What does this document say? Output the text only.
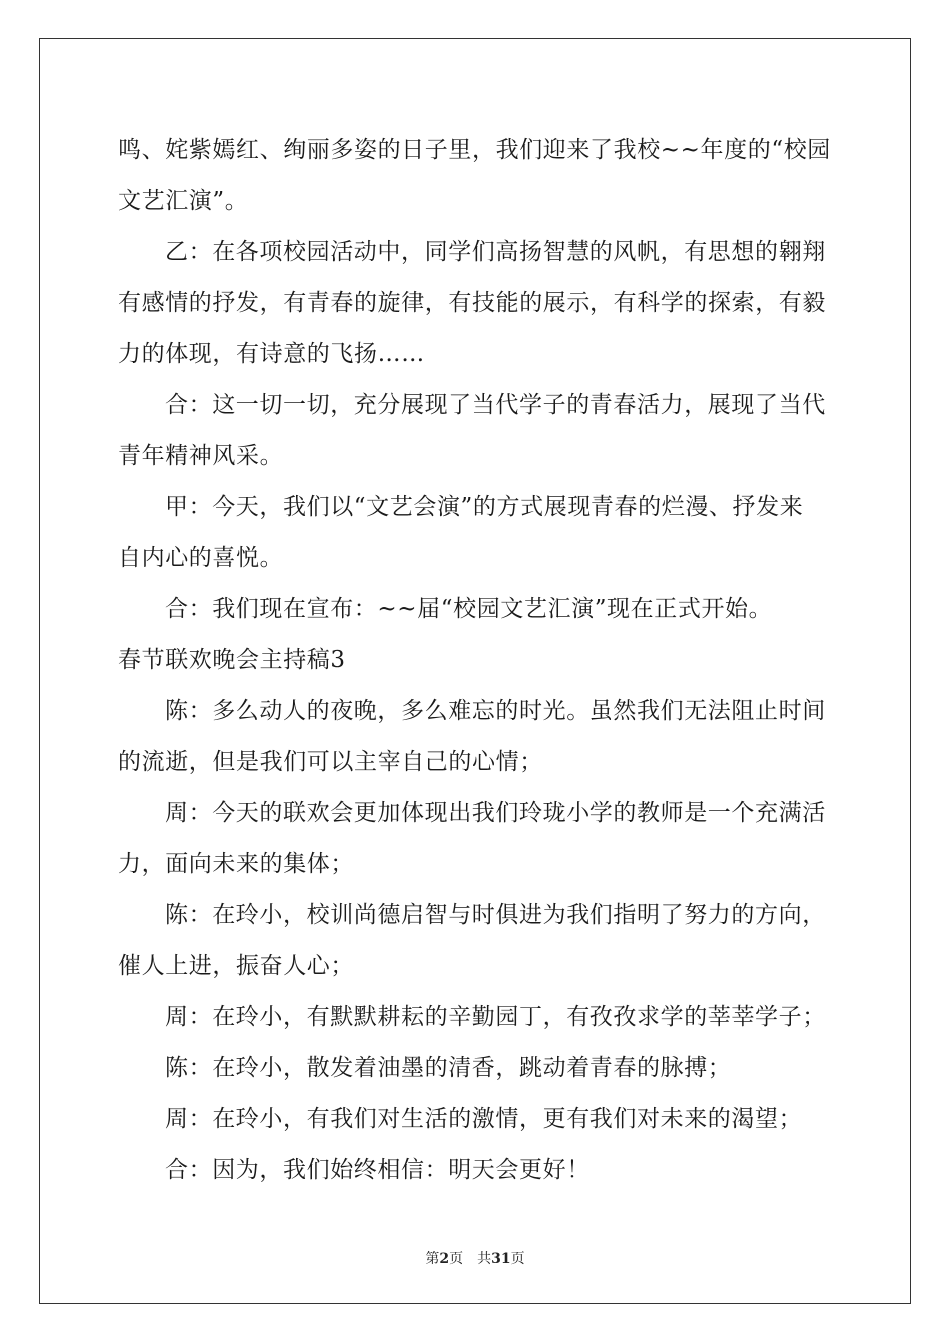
鸣、姹紫嫣红、绚丽多姿的日子里，我们迎来了我校~~年度的“校园
文艺汇演”。
乙：在各项校园活动中，同学们高扬智慧的风帆，有思想的翱翔
有感情的抒发，有青春的旋律，有技能的展示，有科学的探索，有毅
力的体现，有诗意的飞扬……
合：这一切一切，充分展现了当代学子的青春活力，展现了当代
青年精神风采。
甲：今天，我们以“文艺会演”的方式展现青春的烂漫、抒发来
自内心的喜悦。
合：我们现在宣布：~~届“校园文艺汇演”现在正式开始。
春节联欢晚会主持稿3
陈：多么动人的夜晚，多么难忘的时光。虽然我们无法阻止时间
的流逝，但是我们可以主宰自己的心情；
周：今天的联欢会更加体现出我们玲珑小学的教师是一个充满活
力，面向未来的集体；
陈：在玲小，校训尚德启智与时俱进为我们指明了努力的方向，
催人上进，振奋人心；
周：在玲小，有默默耕耘的辛勤园丁，有孜孜求学的莘莘学子；
陈：在玲小，散发着油墨的清香，跳动着青春的脉搏；
周：在玲小，有我们对生活的激情，更有我们对未来的渴望；
合：因为，我们始终相信：明天会更好！
第2页 共31页
